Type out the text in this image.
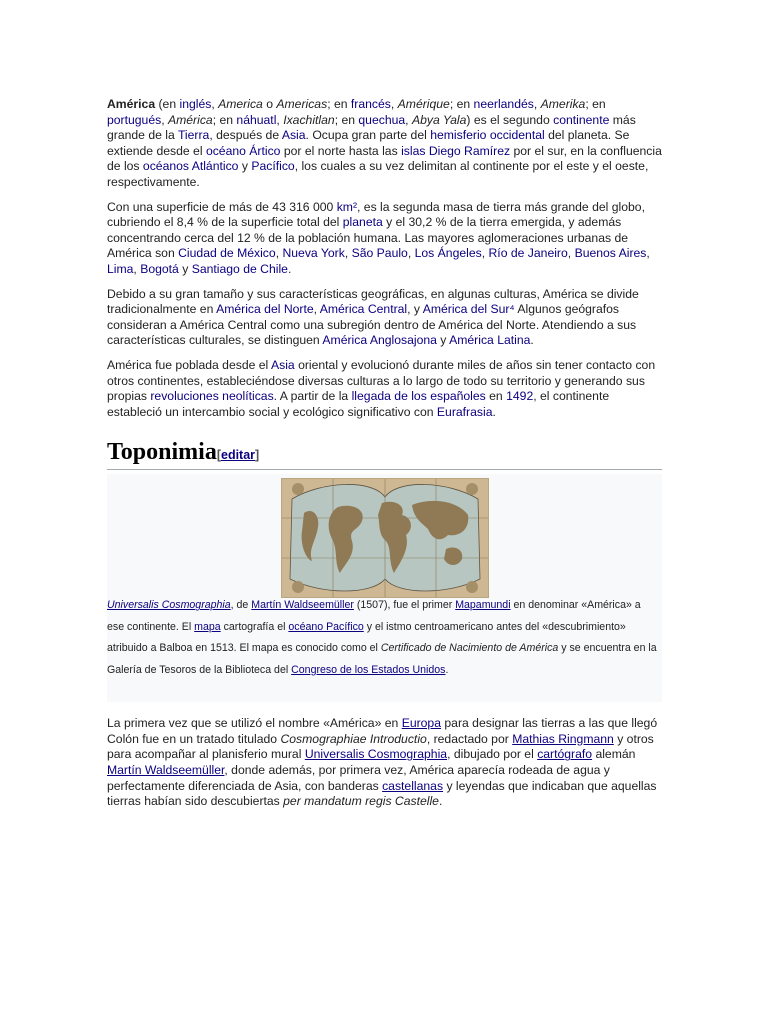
América (en inglés, America o Americas; en francés, Amérique; en neerlandés, Amerika; en portugués, América; en náhuatl, Ixachitlan; en quechua, Abya Yala) es el segundo continente más grande de la Tierra, después de Asia. Ocupa gran parte del hemisferio occidental del planeta. Se extiende desde el océano Ártico por el norte hasta las islas Diego Ramírez por el sur, en la confluencia de los océanos Atlántico y Pacífico, los cuales a su vez delimitan al continente por el este y el oeste, respectivamente.

Con una superficie de más de 43 316 000 km², es la segunda masa de tierra más grande del globo, cubriendo el 8,4 % de la superficie total del planeta y el 30,2 % de la tierra emergida, y además concentrando cerca del 12 % de la población humana. Las mayores aglomeraciones urbanas de América son Ciudad de México, Nueva York, São Paulo, Los Ángeles, Río de Janeiro, Buenos Aires, Lima, Bogotá y Santiago de Chile.

Debido a su gran tamaño y sus características geográficas, en algunas culturas, América se divide tradicionalmente en América del Norte, América Central, y América del Sur⁴ Algunos geógrafos consideran a América Central como una subregión dentro de América del Norte. Atendiendo a sus características culturales, se distinguen América Anglosajona y América Latina.

América fue poblada desde el Asia oriental y evolucionó durante miles de años sin tener contacto con otros continentes, estableciéndose diversas culturas a lo largo de todo su territorio y generando sus propias revoluciones neolíticas. A partir de la llegada de los españoles en 1492, el continente estableció un intercambio social y ecológico significativo con Eurafrasia.

Toponimia[editar]
Universalis Cosmographia, de Martín Waldseemüller (1507), fue el primer Mapamundi en denominar «América» a ese continente. El mapa cartografía el océano Pacífico y el istmo centroamericano antes del «descubrimiento» atribuido a Balboa en 1513. El mapa es conocido como el Certificado de Nacimiento de América y se encuentra en la Galería de Tesoros de la Biblioteca del Congreso de los Estados Unidos.

La primera vez que se utilizó el nombre «América» en Europa para designar las tierras a las que llegó Colón fue en un tratado titulado Cosmographiae Introductio, redactado por Mathias Ringmann y otros para acompañar al planisferio mural Universalis Cosmographia, dibujado por el cartógrafo alemán Martín Waldseemüller, donde además, por primera vez, América aparecía rodeada de agua y perfectamente diferenciada de Asia, con banderas castellanas y leyendas que indicaban que aquellas tierras habían sido descubiertas per mandatum regis Castelle.
